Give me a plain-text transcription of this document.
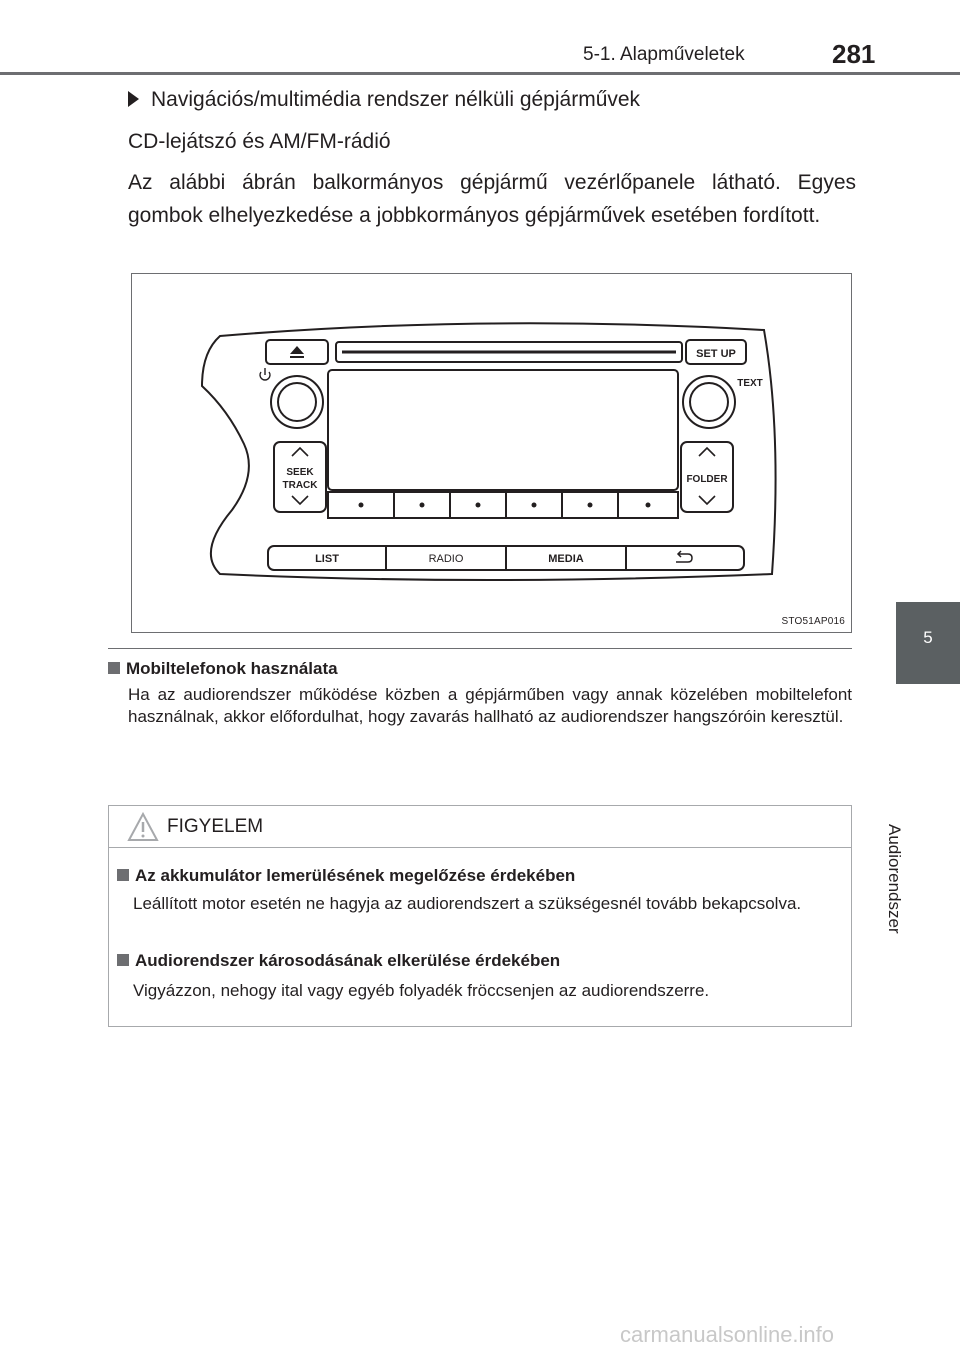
5-1. Alapműveletek	281
5
Audiorendszer
Navigációs/multimédia rendszer nélküli gépjárművek
CD-lejátszó és AM/FM-rádió
Az alábbi ábrán balkormányos gépjármű vezérlőpanele látható. Egyes gombok elhelyezkedése a jobbkormányos gépjárművek esetében fordított.
SET UP
TEXT
SEEK
TRACK
FOLDER
LIST	RADIO	MEDIA
STO51AP016
Mobiltelefonok használata
Ha az audiorendszer működése közben a gépjárműben vagy annak közelében mobiltelefont használnak, akkor előfordulhat, hogy zavarás hallható az audiorendszer hangszóróin keresztül.
FIGYELEM
Az akkumulátor lemerülésének megelőzése érdekében
Leállított motor esetén ne hagyja az audiorendszert a szükségesnél tovább bekapcsolva.
Audiorendszer károsodásának elkerülése érdekében
Vigyázzon, nehogy ital vagy egyéb folyadék fröccsenjen az audiorendszerre.
carmanualsonline.info
